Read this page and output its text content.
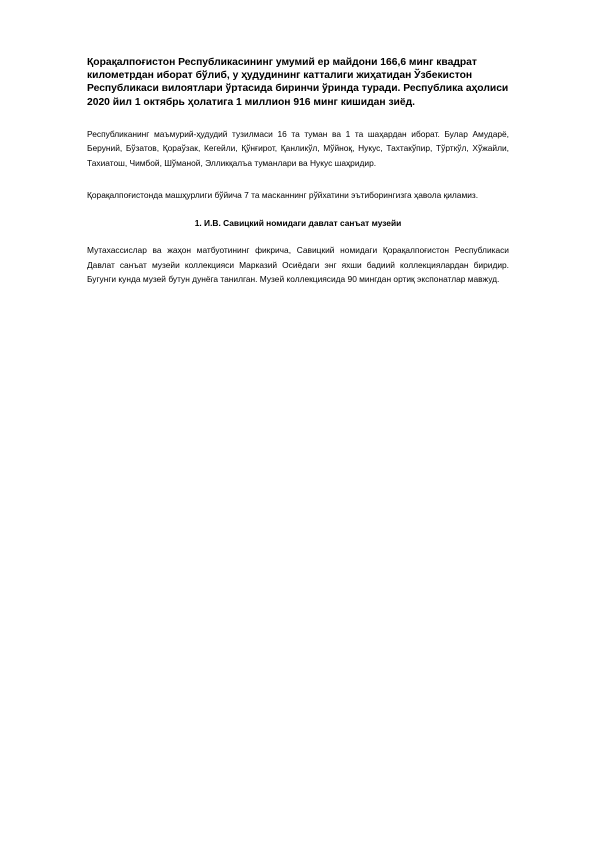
Қорақалпоғистон Республикасининг умумий ер майдони 166,6 минг квадрат километрдан иборат бўлиб, у ҳудудининг катталиги жиҳатидан Ўзбекистон Республикаси вилоятлари ўртасида биринчи ўринда туради. Республика аҳолиси 2020 йил 1 октябрь ҳолатига 1 миллион 916 минг кишидан зиёд.

Республиканинг маъмурий-ҳудудий тузилмаси 16 та туман ва 1 та шаҳардан иборат. Булар Амударё, Беруний, Бўзатов, Қораўзак, Кегейли, Қўнғирот, Қанликўл, Мўйноқ, Нукус, Тахтакўпир, Тўрткўл, Хўжайли, Тахиатош, Чимбой, Шўманой, Элликқалъа туманлари ва Нукус шаҳридир.

Қорақалпоғистонда машҳурлиги бўйича 7 та масканнинг рўйхатини эътиборингизга ҳавола қиламиз.

1. И.В. Савицкий номидаги давлат санъат музейи

Мутахассислар ва жаҳон матбуотининг фикрича, Савицкий номидаги Қорақалпоғистон Республикаси Давлат санъат музейи коллекцияси Марказий Осиёдаги энг яхши бадиий коллекциялардан биридир. Бугунги кунда музей бутун дунёга танилган. Музей коллекциясида 90 мингдан ортиқ экспонатлар мавжуд.
